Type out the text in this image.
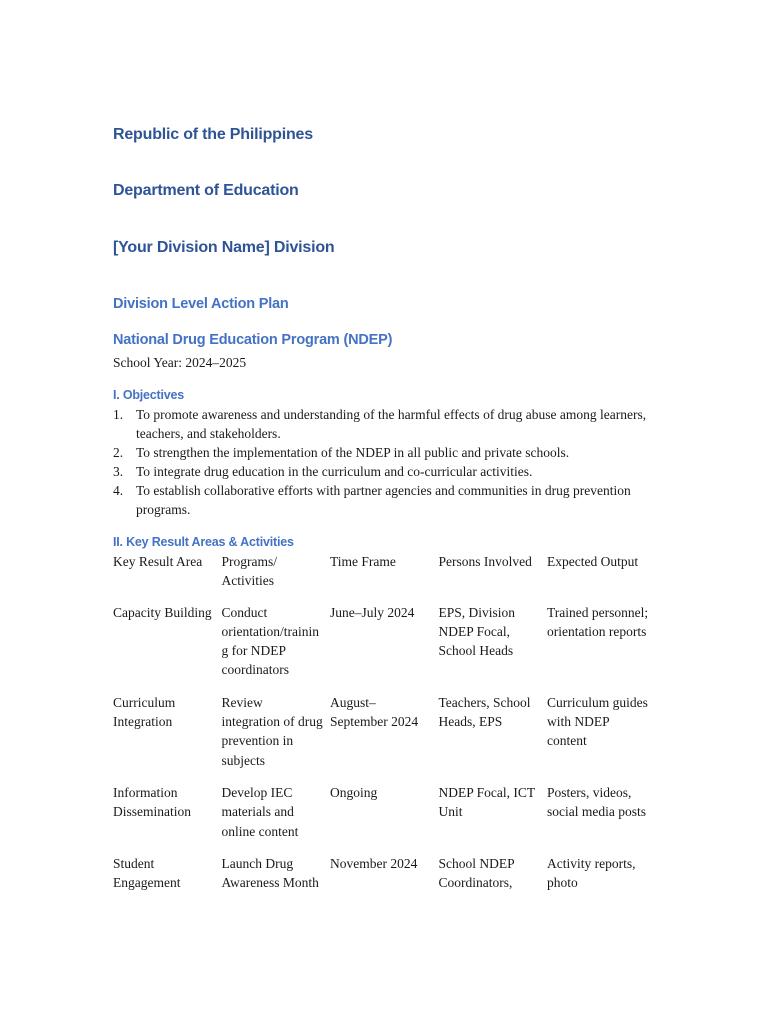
Republic of the Philippines
Department of Education
[Your Division Name] Division
Division Level Action Plan
National Drug Education Program (NDEP)
School Year: 2024–2025
I. Objectives
1. To promote awareness and understanding of the harmful effects of drug abuse among learners, teachers, and stakeholders.
2. To strengthen the implementation of the NDEP in all public and private schools.
3. To integrate drug education in the curriculum and co-curricular activities.
4. To establish collaborative efforts with partner agencies and communities in drug prevention programs.
II. Key Result Areas & Activities
Key Result Area	Programs/ Activities	Time Frame	Persons Involved	Expected Output
Capacity Building	Conduct orientation/training for NDEP coordinators	June–July 2024	EPS, Division NDEP Focal, School Heads	Trained personnel; orientation reports
Curriculum Integration	Review integration of drug prevention in subjects	August–September 2024	Teachers, School Heads, EPS	Curriculum guides with NDEP content
Information Dissemination	Develop IEC materials and online content	Ongoing	NDEP Focal, ICT Unit	Posters, videos, social media posts
Student Engagement	Launch Drug Awareness Month	November 2024	School NDEP Coordinators,	Activity reports, photo
